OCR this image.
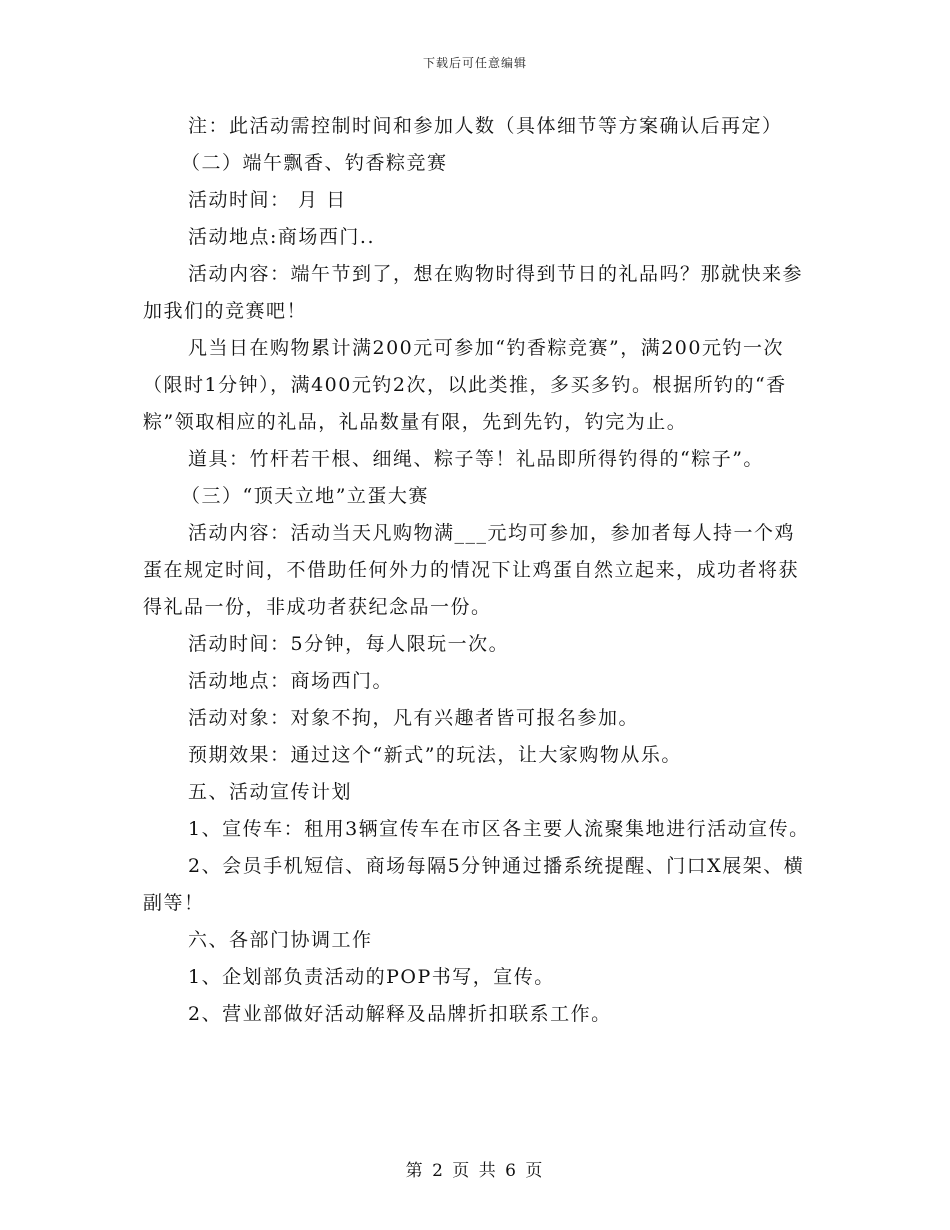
下载后可任意编辑

注：此活动需控制时间和参加人数（具体细节等方案确认后再定）

（二）端午飘香、钓香粽竞赛

活动时间： 月 日

活动地点:商场西门..

活动内容：端午节到了，想在购物时得到节日的礼品吗？那就快来参加我们的竞赛吧！

凡当日在购物累计满200元可参加“钓香粽竞赛”，满200元钓一次（限时1分钟），满400元钓2次，以此类推，多买多钓。根据所钓的“香粽”领取相应的礼品，礼品数量有限，先到先钓，钓完为止。

道具：竹杆若干根、细绳、粽子等！礼品即所得钓得的“粽子”。

（三）“顶天立地”立蛋大赛

活动内容：活动当天凡购物满___元均可参加，参加者每人持一个鸡蛋在规定时间，不借助任何外力的情况下让鸡蛋自然立起来，成功者将获得礼品一份，非成功者获纪念品一份。

活动时间：5分钟，每人限玩一次。

活动地点：商场西门。

活动对象：对象不拘，凡有兴趣者皆可报名参加。

预期效果：通过这个“新式”的玩法，让大家购物从乐。

五、活动宣传计划

1、宣传车：租用3辆宣传车在市区各主要人流聚集地进行活动宣传。

2、会员手机短信、商场每隔5分钟通过播系统提醒、门口X展架、横副等！

六、各部门协调工作

1、企划部负责活动的POP书写，宣传。

2、营业部做好活动解释及品牌折扣联系工作。

第 2 页 共 6 页
